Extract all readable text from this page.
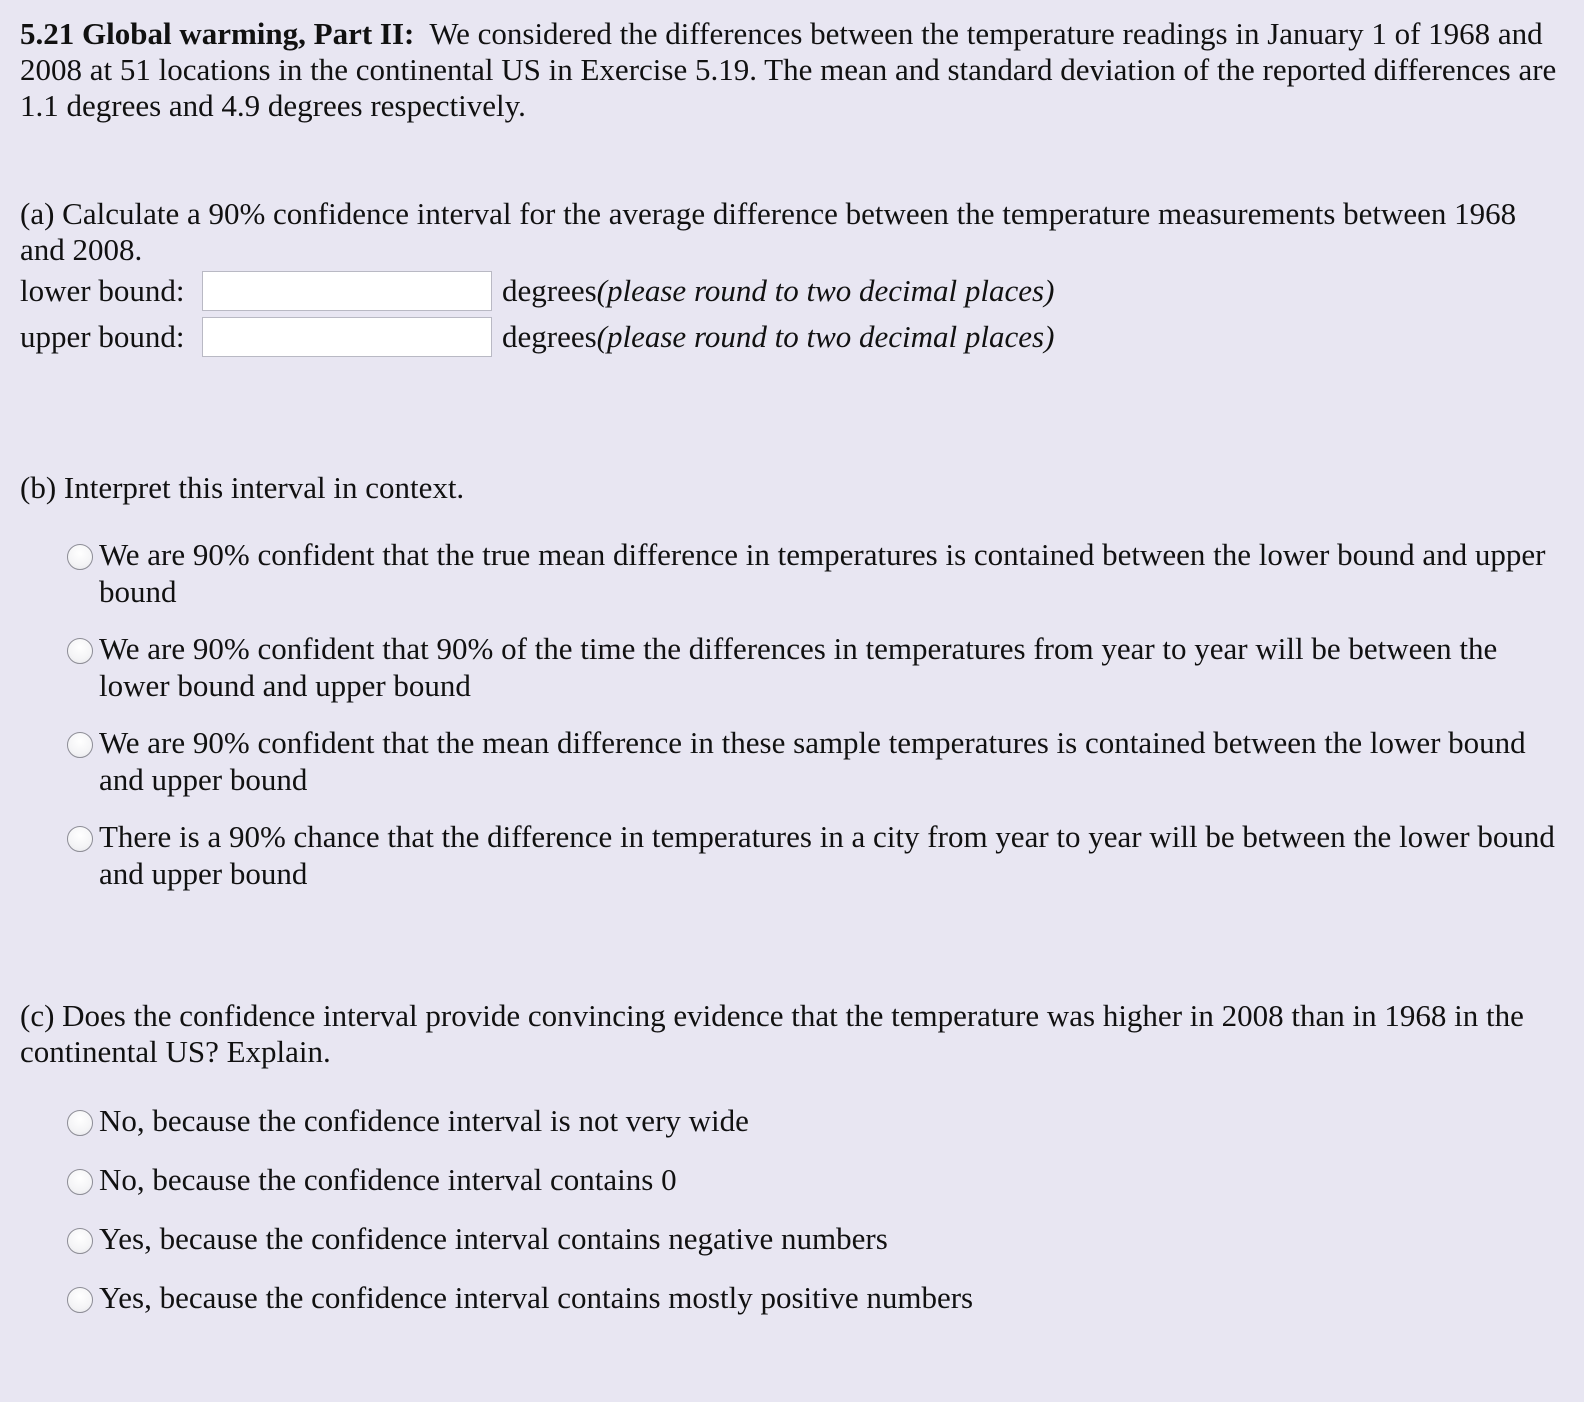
5.21 Global warming, Part II: We considered the differences between the temperature readings in January 1 of 1968 and 2008 at 51 locations in the continental US in Exercise 5.19. The mean and standard deviation of the reported differences are 1.1 degrees and 4.9 degrees respectively.

(a) Calculate a 90% confidence interval for the average difference between the temperature measurements between 1968 and 2008.

lower bound:	degrees (please round to two decimal places)
upper bound:	degrees (please round to two decimal places)

(b) Interpret this interval in context.

We are 90% confident that the true mean difference in temperatures is contained between the lower bound and upper bound
We are 90% confident that 90% of the time the differences in temperatures from year to year will be between the lower bound and upper bound
We are 90% confident that the mean difference in these sample temperatures is contained between the lower bound and upper bound
There is a 90% chance that the difference in temperatures in a city from year to year will be between the lower bound and upper bound

(c) Does the confidence interval provide convincing evidence that the temperature was higher in 2008 than in 1968 in the continental US? Explain.

No, because the confidence interval is not very wide
No, because the confidence interval contains 0
Yes, because the confidence interval contains negative numbers
Yes, because the confidence interval contains mostly positive numbers
